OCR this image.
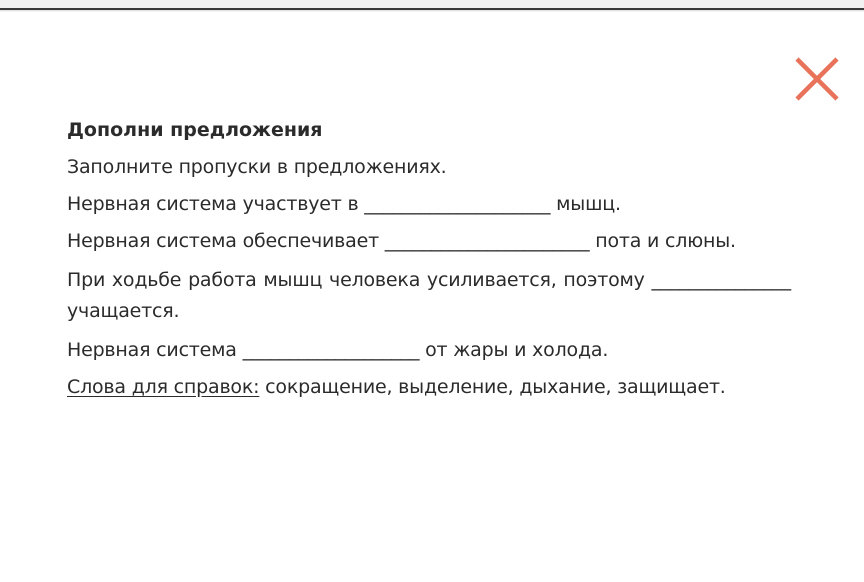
Дополни предложения
Заполните пропуски в предложениях.
Нервная система участвует в ____________________ мышц.
Нервная система обеспечивает ______________________ пота и слюны.
При ходьбе работа мышц человека усиливается, поэтому _______________ учащается.
Нервная система ___________________ от жары и холода.
Слова для справок: сокращение, выделение, дыхание, защищает.
